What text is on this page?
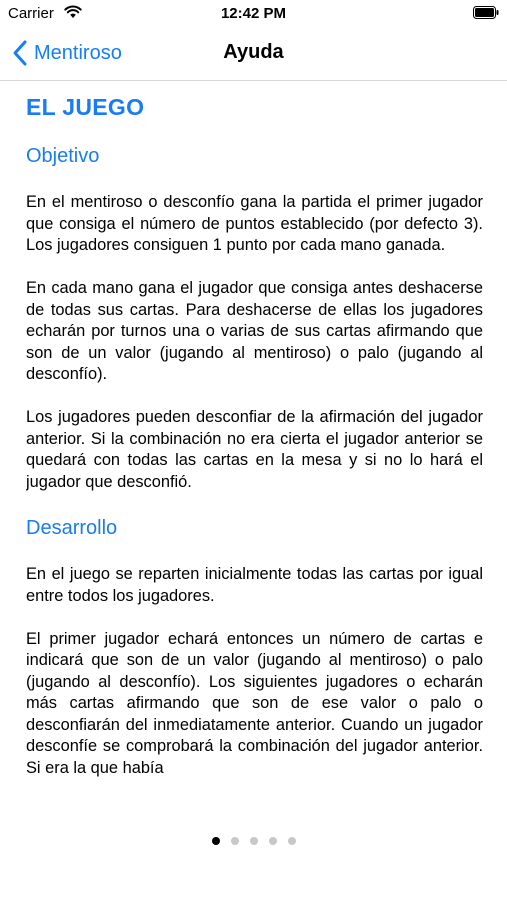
Carrier	12:42 PM
Mentiroso	Ayuda
EL JUEGO
Objetivo

En el mentiroso o desconfío gana la partida el primer jugador que consiga el número de puntos establecido (por defecto 3). Los jugadores consiguen 1 punto por cada mano ganada.

En cada mano gana el jugador que consiga antes deshacerse de todas sus cartas. Para deshacerse de ellas los jugadores echarán por turnos una o varias de sus cartas afirmando que son de un valor (jugando al mentiroso) o palo (jugando al desconfío).

Los jugadores pueden desconfiar de la afirmación del jugador anterior. Si la combinación no era cierta el jugador anterior se quedará con todas las cartas en la mesa y si no lo hará el jugador que desconfió.

Desarrollo

En el juego se reparten inicialmente todas las cartas por igual entre todos los jugadores.

El primer jugador echará entonces un número de cartas e indicará que son de un valor (jugando al mentiroso) o palo (jugando al desconfío). Los siguientes jugadores o echarán más cartas afirmando que son de ese valor o palo o desconfiarán del inmediatamente anterior. Cuando un jugador desconfíe se comprobará la combinación del jugador anterior. Si era la que había
